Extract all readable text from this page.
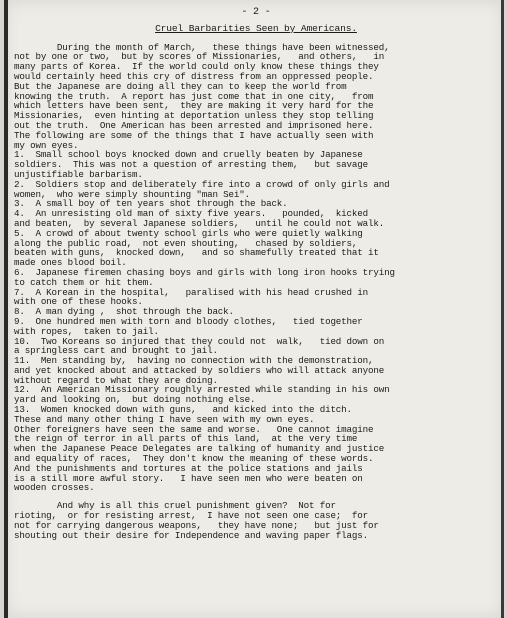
- 2 -
Cruel Barbarities Seen by Americans.
During the month of March,   these things have been witnessed,
not by one or two,  but by scores of Missionaries,   and others,   in
many parts of Korea.  If the world could only know these things they
would certainly heed this cry of distress from an oppressed people.
But the Japanese are doing all they can to keep the world from
knowing the truth.  A report has just come that in one city,   from
which letters have been sent,  they are making it very hard for the
Missionaries,  even hinting at deportation unless they stop telling
out the truth.  One American has been arrested and imprisoned here.
The following are some of the things that I have actually seen with
my own eyes.
1.  Small school boys knocked down and cruelly beaten by Japanese
soldiers.  This was not a question of arresting them,   but savage
unjustifiable barbarism.
2.  Soldiers stop and deliberately fire into a crowd of only girls and
women,  who were simply shounting "man Sei".
3.  A small boy of ten years shot through the back.
4.  An unresisting old man of sixty five years.   pounded,  kicked
and beaten,  by several Japanese soldiers,   until he could not walk.
5.  A crowd of about twenty school girls who were quietly walking
along the public road,  not even shouting,   chased by soldiers,
beaten with guns,  knocked down,   and so shamefully treated that it
made ones blood boil.
6.  Japanese firemen chasing boys and girls with long iron hooks trying
to catch them or hit them.
7.  A Korean in the hospital,   paralised with his head crushed in
with one of these hooks.
8.  A man dying ,  shot through the back.
9.  One hundred men with torn and bloody clothes,   tied together
with ropes,  taken to jail.
10.  Two Koreans so injured that they could not  walk,   tied down on
a springless cart and brought to jail.
11.  Men standing by,  having no connection with the demonstration,
and yet knocked about and attacked by soldiers who will attack anyone
without regard to what they are doing.
12.  An American Missionary roughly arrested while standing in his own
yard and looking on,  but doing nothing else.
13.  Women knocked down with guns,   and kicked into the ditch.
These and many other thing I have seen with my own eyes.
Other foreigners have seen the same and worse.   One cannot imagine
the reign of terror in all parts of this land,  at the very time
when the Japanese Peace Delegates are talking of humanity and justice
and equality of races,  They don't know the meaning of these words.
And the punishments and tortures at the police stations and jails
is a still more awful story.   I have seen men who were beaten on
wooden crosses.
And why is all this cruel punishment given?  Not for
rioting,  or for resisting arrest,  I have not seen one case;  for
not for carrying dangerous weapons,   they have none;   but just for
shouting out their desire for Independence and waving paper flags.
